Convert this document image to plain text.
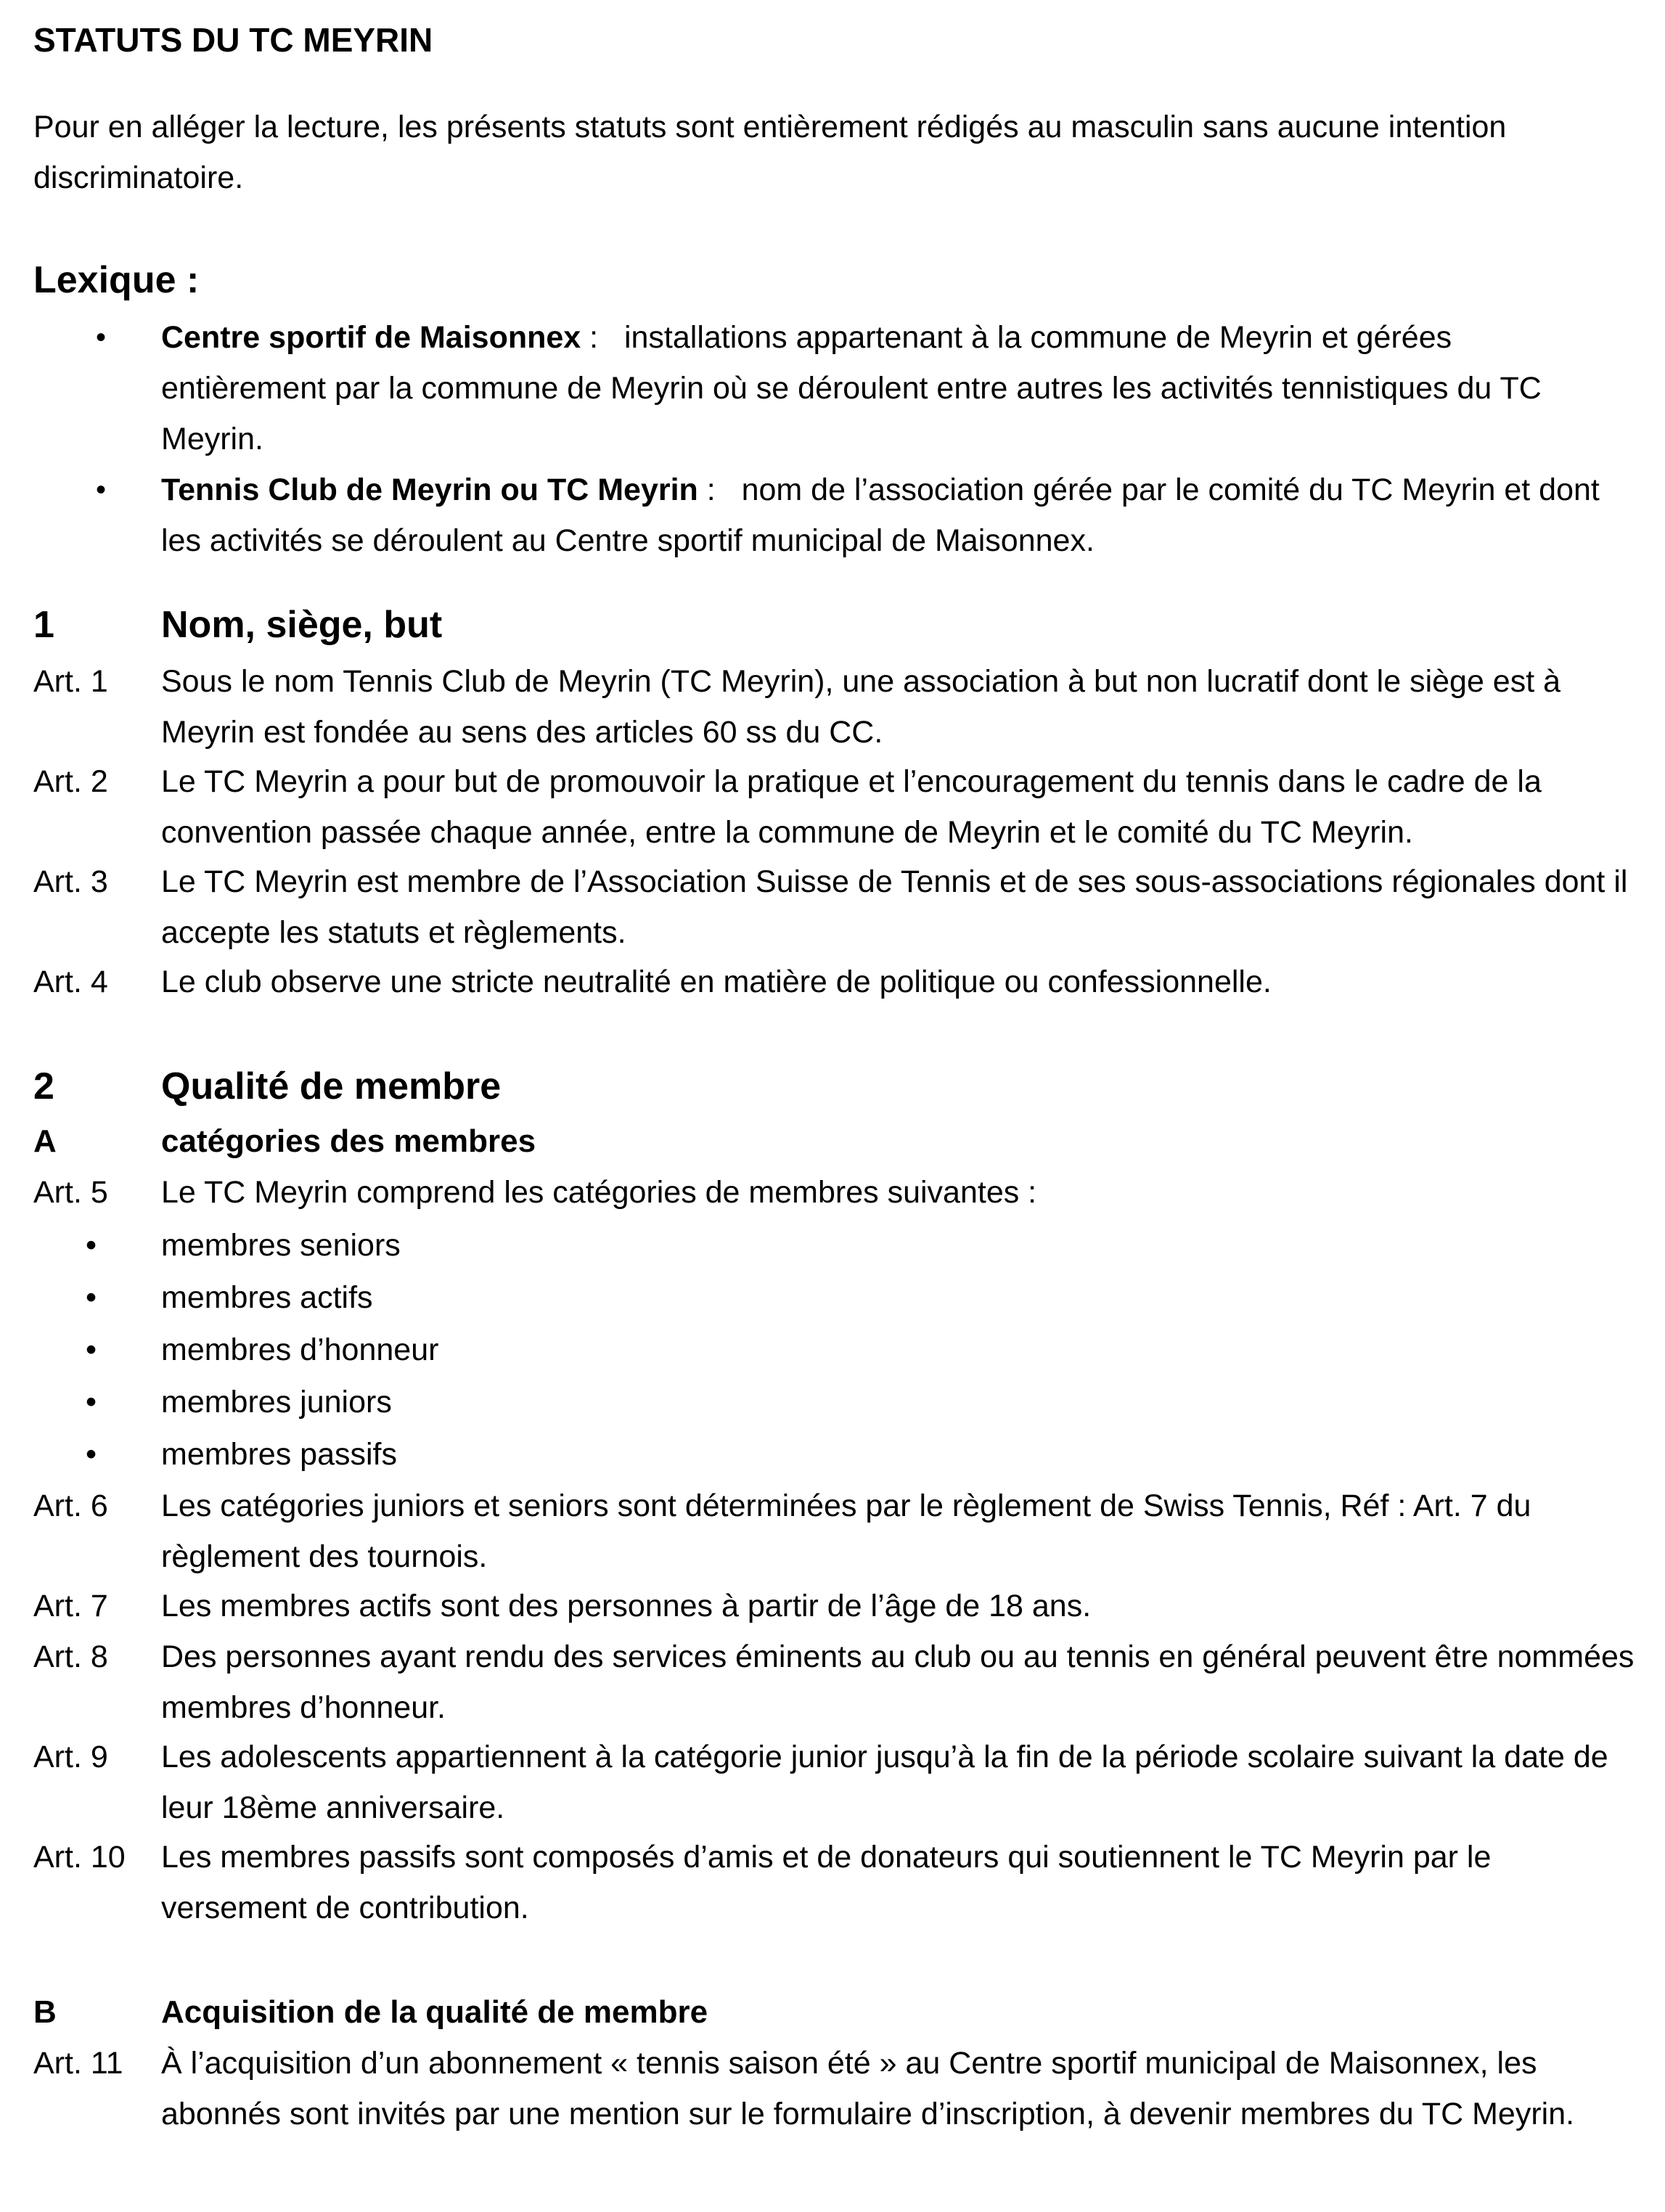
STATUTS DU TC MEYRIN
Pour en alléger la lecture, les présents statuts sont entièrement rédigés au masculin sans aucune intention discriminatoire.
Lexique :
• Centre sportif de Maisonnex :   installations appartenant à la commune de Meyrin et gérées entièrement par la commune de Meyrin où se déroulent entre autres les activités tennistiques du TC Meyrin.
• Tennis Club de Meyrin ou TC Meyrin :   nom de l’association gérée par le comité du TC Meyrin et dont les activités se déroulent au Centre sportif municipal de Maisonnex.
1	Nom, siège, but
Art. 1	Sous le nom Tennis Club de Meyrin (TC Meyrin), une association à but non lucratif dont le siège est à Meyrin est fondée au sens des articles 60 ss du CC.
Art. 2	Le TC Meyrin a pour but de promouvoir la pratique et l’encouragement du tennis dans le cadre de la convention passée chaque année, entre la commune de Meyrin et le comité du TC Meyrin.
Art. 3	Le TC Meyrin est membre de l’Association Suisse de Tennis et de ses sous-associations régionales dont il accepte les statuts et règlements.
Art. 4	Le club observe une stricte neutralité en matière de politique ou confessionnelle.
2	Qualité de membre
A	catégories des membres
Art. 5	Le TC Meyrin comprend les catégories de membres suivantes :
• membres seniors
• membres actifs
• membres d’honneur
• membres juniors
• membres passifs
Art. 6	Les catégories juniors et seniors sont déterminées par le règlement de Swiss Tennis, Réf : Art. 7 du règlement des tournois.
Art. 7	Les membres actifs sont des personnes à partir de l’âge de 18 ans.
Art. 8	Des personnes ayant rendu des services éminents au club ou au tennis en général peuvent être nommées membres d’honneur.
Art. 9	Les adolescents appartiennent à la catégorie junior jusqu’à la fin de la période scolaire suivant la date de leur 18ème anniversaire.
Art. 10	Les membres passifs sont composés d’amis et de donateurs qui soutiennent le TC Meyrin par le versement de contribution.
B	Acquisition de la qualité de membre
Art. 11	À l’acquisition d’un abonnement « tennis saison été » au Centre sportif municipal de Maisonnex, les abonnés sont invités par une mention sur le formulaire d’inscription, à devenir membres du TC Meyrin.
